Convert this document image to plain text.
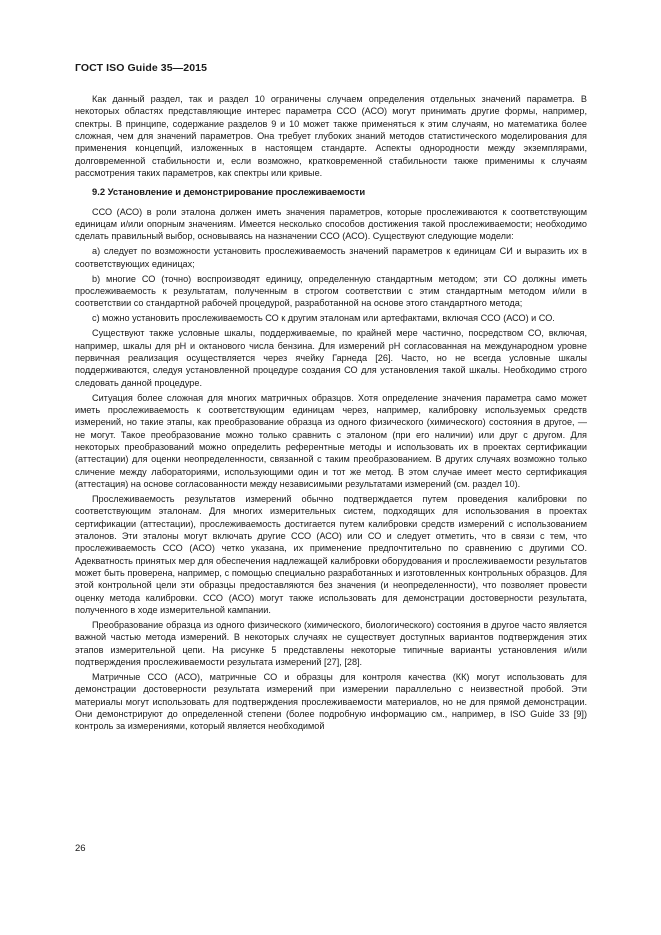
ГОСТ ISO Guide 35—2015

Как данный раздел, так и раздел 10 ограничены случаем определения отдельных значений параметра. В некоторых областях представляющие интерес параметра ССО (АСО) могут принимать другие формы, например, спектры. В принципе, содержание разделов 9 и 10 может также применяться к этим случаям, но математика более сложная, чем для значений параметров. Она требует глубоких знаний методов статистического моделирования для применения концепций, изложенных в настоящем стандарте. Аспекты однородности между экземплярами, долговременной стабильности и, если возможно, кратковременной стабильности также применимы к случаям рассмотрения таких параметров, как спектры или кривые.

9.2 Установление и демонстрирование прослеживаемости

ССО (АСО) в роли эталона должен иметь значения параметров, которые прослеживаются к соответствующим единицам и/или опорным значениям. Имеется несколько способов достижения такой прослеживаемости; необходимо сделать правильный выбор, основываясь на назначении ССО (АСО). Существуют следующие модели:

a) следует по возможности установить прослеживаемость значений параметров к единицам СИ и выразить их в соответствующих единицах;

b) многие СО (точно) воспроизводят единицу, определенную стандартным методом; эти СО должны иметь прослеживаемость к результатам, полученным в строгом соответствии с этим стандартным методом и/или в соответствии со стандартной рабочей процедурой, разработанной на основе этого стандартного метода;

c) можно установить прослеживаемость СО к другим эталонам или артефактами, включая ССО (АСО) и СО.

Существуют также условные шкалы, поддерживаемые, по крайней мере частично, посредством СО, включая, например, шкалы для pH и октанового числа бензина. Для измерений pH согласованная на международном уровне первичная реализация осуществляется через ячейку Гарнеда [26]. Часто, но не всегда условные шкалы поддерживаются, следуя установленной процедуре создания СО для установления такой шкалы. Необходимо строго следовать данной процедуре.

Ситуация более сложная для многих матричных образцов. Хотя определение значения параметра само может иметь прослеживаемость к соответствующим единицам через, например, калибровку используемых средств измерений, но такие этапы, как преобразование образца из одного физического (химического) состояния в другое, — не могут. Такое преобразование можно только сравнить с эталоном (при его наличии) или друг с другом. Для некоторых преобразований можно определить референтные методы и использовать их в проектах сертификации (аттестации) для оценки неопределенности, связанной с таким преобразованием. В других случаях возможно только сличение между лабораториями, использующими один и тот же метод. В этом случае имеет место сертификация (аттестация) на основе согласованности между независимыми результатами измерений (см. раздел 10).

Прослеживаемость результатов измерений обычно подтверждается путем проведения калибровки по соответствующим эталонам. Для многих измерительных систем, подходящих для использования в проектах сертификации (аттестации), прослеживаемость достигается путем калибровки средств измерений с использованием эталонов. Эти эталоны могут включать другие ССО (АСО) или СО и следует отметить, что в связи с тем, что прослеживаемость ССО (АСО) четко указана, их применение предпочтительно по сравнению с другими СО. Адекватность принятых мер для обеспечения надлежащей калибровки оборудования и прослеживаемости результатов может быть проверена, например, с помощью специально разработанных и изготовленных контрольных образцов. Для этой контрольной цели эти образцы предоставляются без значения (и неопределенности), что позволяет провести оценку метода калибровки. ССО (АСО) могут также использовать для демонстрации достоверности результата, полученного в ходе измерительной кампании.

Преобразование образца из одного физического (химического, биологического) состояния в другое часто является важной частью метода измерений. В некоторых случаях не существует доступных вариантов подтверждения этих этапов измерительной цепи. На рисунке 5 представлены некоторые типичные варианты установления и/или подтверждения прослеживаемости результата измерений [27], [28].

Матричные ССО (АСО), матричные СО и образцы для контроля качества (КК) могут использовать для демонстрации достоверности результата измерений при измерении параллельно с неизвестной пробой. Эти материалы могут использовать для подтверждения прослеживаемости материалов, но не для прямой демонстрации. Они демонстрируют до определенной степени (более подробную информацию см., например, в ISO Guide 33 [9]) контроль за измерениями, который является необходимой

26
